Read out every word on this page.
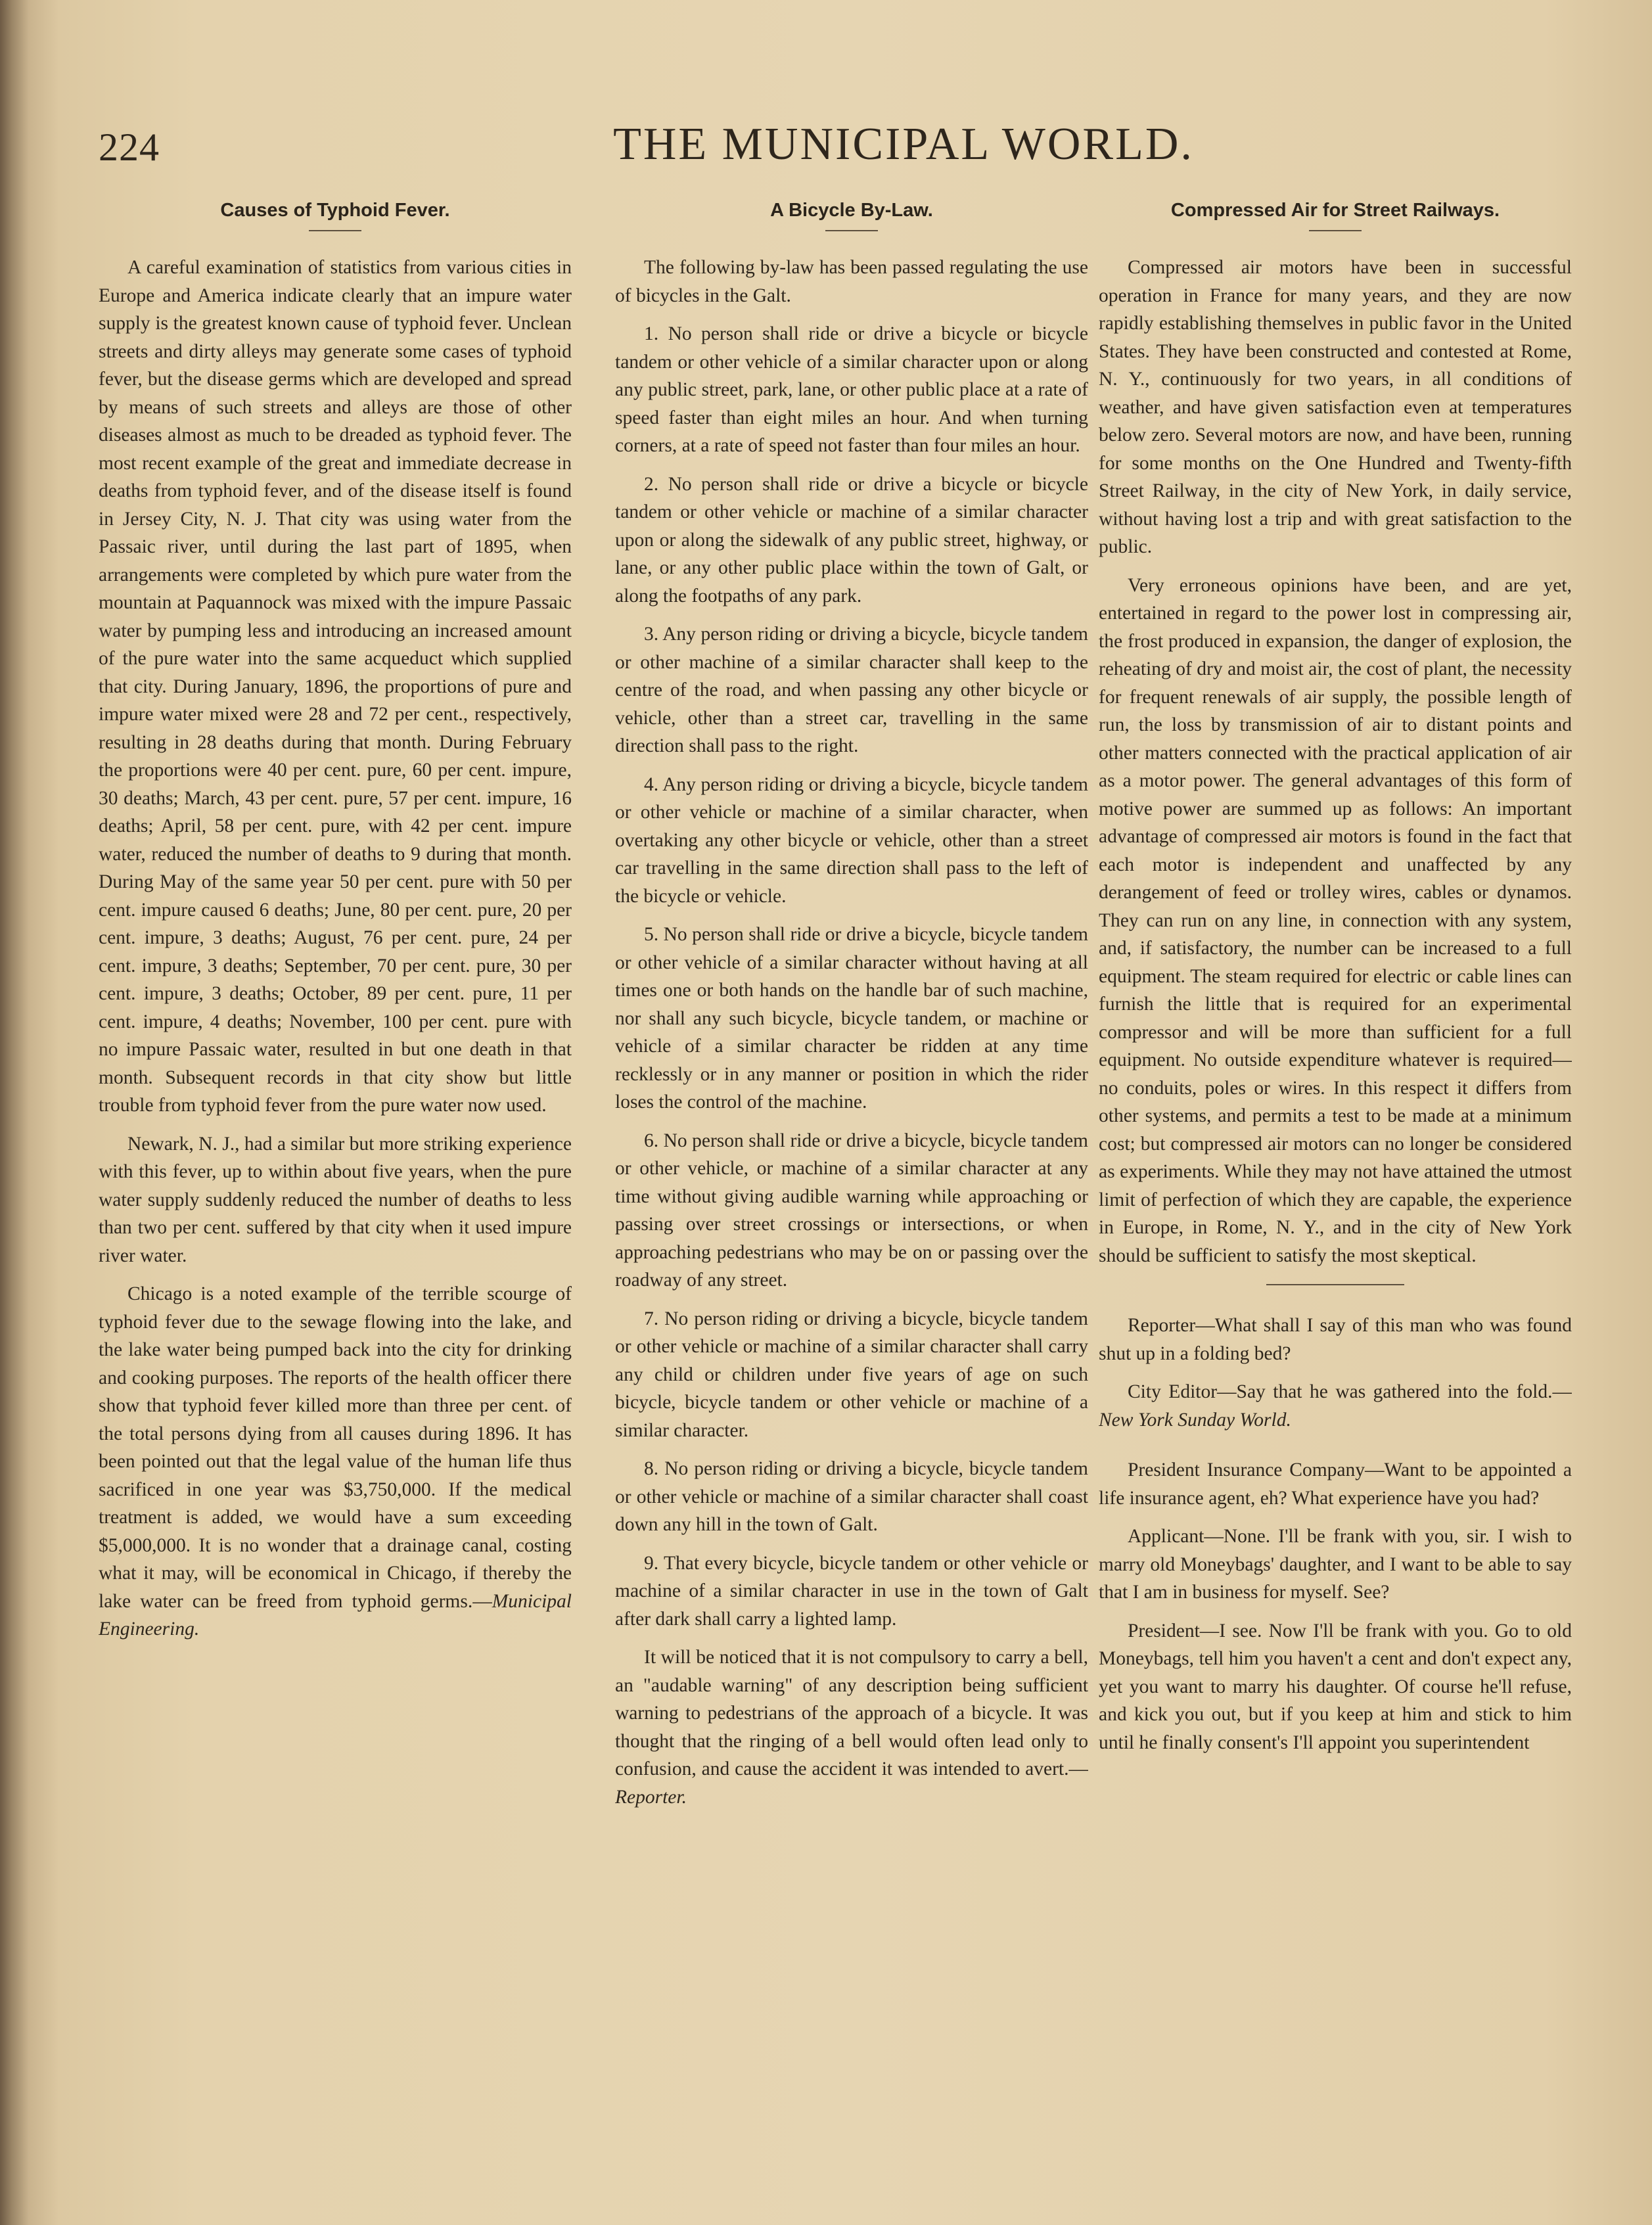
224	THE MUNICIPAL WORLD.
Causes of Typhoid Fever.

A careful examination of statistics from various cities in Europe and America indicate clearly that an impure water supply is the greatest known cause of typhoid fever. Unclean streets and dirty alleys may generate some cases of typhoid fever, but the disease germs which are developed and spread by means of such streets and alleys are those of other diseases almost as much to be dreaded as typhoid fever. The most recent example of the great and immediate decrease in deaths from typhoid fever, and of the disease itself is found in Jersey City, N. J. That city was using water from the Passaic river, until during the last part of 1895, when arrangements were completed by which pure water from the mountain at Paquannock was mixed with the impure Passaic water by pumping less and introducing an increased amount of the pure water into the same acqueduct which supplied that city. During January, 1896, the proportions of pure and impure water mixed were 28 and 72 per cent., respectively, resulting in 28 deaths during that month. During February the proportions were 40 per cent. pure, 60 per cent. impure, 30 deaths; March, 43 per cent. pure, 57 per cent. impure, 16 deaths; April, 58 per cent. pure, with 42 per cent. impure water, reduced the number of deaths to 9 during that month. During May of the same year 50 per cent. pure with 50 per cent. impure caused 6 deaths; June, 80 per cent. pure, 20 per cent. impure, 3 deaths; August, 76 per cent. pure, 24 per cent. impure, 3 deaths; September, 70 per cent. pure, 30 per cent. impure, 3 deaths; October, 89 per cent. pure, 11 per cent. impure, 4 deaths; November, 100 per cent. pure with no impure Passaic water, resulted in but one death in that month. Subsequent records in that city show but little trouble from typhoid fever from the pure water now used.

Newark, N. J., had a similar but more striking experience with this fever, up to within about five years, when the pure water supply suddenly reduced the number of deaths to less than two per cent. suffered by that city when it used impure river water.

Chicago is a noted example of the terrible scourge of typhoid fever due to the sewage flowing into the lake, and the lake water being pumped back into the city for drinking and cooking purposes. The reports of the health officer there show that typhoid fever killed more than three per cent. of the total persons dying from all causes during 1896. It has been pointed out that the legal value of the human life thus sacrificed in one year was $3,750,000. If the medical treatment is added, we would have a sum exceeding $5,000,000. It is no wonder that a drainage canal, costing what it may, will be economical in Chicago, if thereby the lake water can be freed from typhoid germs.—Municipal Engineering.

A Bicycle By-Law.

The following by-law has been passed regulating the use of bicycles in the Galt.

1. No person shall ride or drive a bicycle or bicycle tandem or other vehicle of a similar character upon or along any public street, park, lane, or other public place at a rate of speed faster than eight miles an hour. And when turning corners, at a rate of speed not faster than four miles an hour.

2. No person shall ride or drive a bicycle or bicycle tandem or other vehicle or machine of a similar character upon or along the sidewalk of any public street, highway, or lane, or any other public place within the town of Galt, or along the footpaths of any park.

3. Any person riding or driving a bicycle, bicycle tandem or other machine of a similar character shall keep to the centre of the road, and when passing any other bicycle or vehicle, other than a street car, travelling in the same direction shall pass to the right.

4. Any person riding or driving a bicycle, bicycle tandem or other vehicle or machine of a similar character, when overtaking any other bicycle or vehicle, other than a street car travelling in the same direction shall pass to the left of the bicycle or vehicle.

5. No person shall ride or drive a bicycle, bicycle tandem or other vehicle of a similar character without having at all times one or both hands on the handle bar of such machine, nor shall any such bicycle, bicycle tandem, or machine or vehicle of a similar character be ridden at any time recklessly or in any manner or position in which the rider loses the control of the machine.

6. No person shall ride or drive a bicycle, bicycle tandem or other vehicle, or machine of a similar character at any time without giving audible warning while approaching or passing over street crossings or intersections, or when approaching pedestrians who may be on or passing over the roadway of any street.

7. No person riding or driving a bicycle, bicycle tandem or other vehicle or machine of a similar character shall carry any child or children under five years of age on such bicycle, bicycle tandem or other vehicle or machine of a similar character.

8. No person riding or driving a bicycle, bicycle tandem or other vehicle or machine of a similar character shall coast down any hill in the town of Galt.

9. That every bicycle, bicycle tandem or other vehicle or machine of a similar character in use in the town of Galt after dark shall carry a lighted lamp.

It will be noticed that it is not compulsory to carry a bell, an "audable warning" of any description being sufficient warning to pedestrians of the approach of a bicycle. It was thought that the ringing of a bell would often lead only to confusion, and cause the accident it was intended to avert.—Reporter.

Compressed Air for Street Railways.

Compressed air motors have been in successful operation in France for many years, and they are now rapidly establishing themselves in public favor in the United States. They have been constructed and contested at Rome, N. Y., continuously for two years, in all conditions of weather, and have given satisfaction even at temperatures below zero. Several motors are now, and have been, running for some months on the One Hundred and Twenty-fifth Street Railway, in the city of New York, in daily service, without having lost a trip and with great satisfaction to the public.

Very erroneous opinions have been, and are yet, entertained in regard to the power lost in compressing air, the frost produced in expansion, the danger of explosion, the reheating of dry and moist air, the cost of plant, the necessity for frequent renewals of air supply, the possible length of run, the loss by transmission of air to distant points and other matters connected with the practical application of air as a motor power. The general advantages of this form of motive power are summed up as follows: An important advantage of compressed air motors is found in the fact that each motor is independent and unaffected by any derangement of feed or trolley wires, cables or dynamos. They can run on any line, in connection with any system, and, if satisfactory, the number can be increased to a full equipment. The steam required for electric or cable lines can furnish the little that is required for an experimental compressor and will be more than sufficient for a full equipment. No outside expenditure whatever is required—no conduits, poles or wires. In this respect it differs from other systems, and permits a test to be made at a minimum cost; but compressed air motors can no longer be considered as experiments. While they may not have attained the utmost limit of perfection of which they are capable, the experience in Europe, in Rome, N. Y., and in the city of New York should be sufficient to satisfy the most skeptical.

Reporter—What shall I say of this man who was found shut up in a folding bed?

City Editor—Say that he was gathered into the fold.—New York Sunday World.

President Insurance Company—Want to be appointed a life insurance agent, eh? What experience have you had?

Applicant—None. I'll be frank with you, sir. I wish to marry old Moneybags' daughter, and I want to be able to say that I am in business for myself. See?

President—I see. Now I'll be frank with you. Go to old Moneybags, tell him you haven't a cent and don't expect any, yet you want to marry his daughter. Of course he'll refuse, and kick you out, but if you keep at him and stick to him until he finally consent's I'll appoint you superintendent
